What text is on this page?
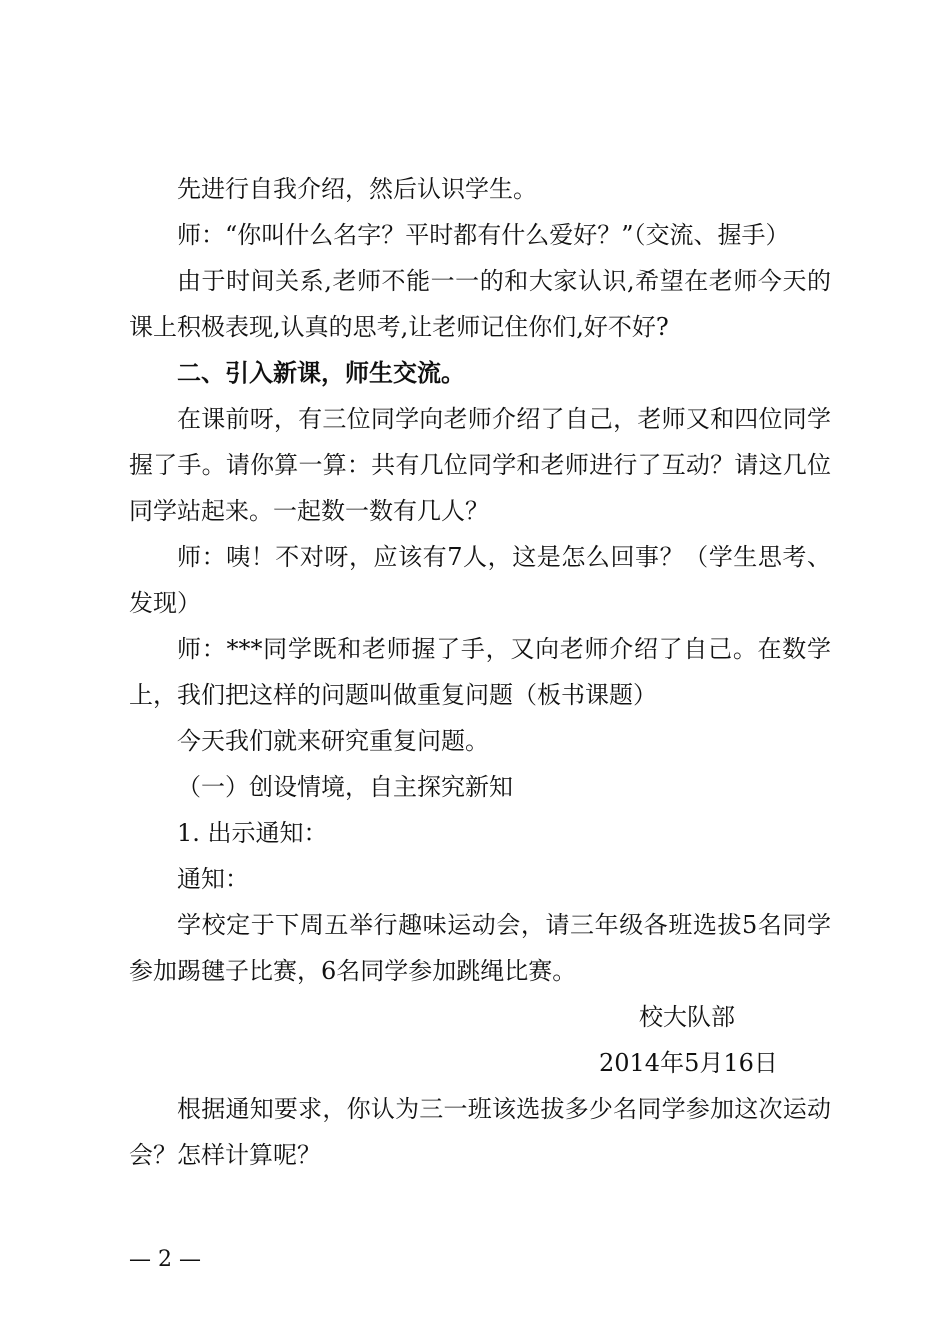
先进行自我介绍，然后认识学生。

师：“你叫什么名字？平时都有什么爱好？”（交流、握手）

由于时间关系,老师不能一一的和大家认识,希望在老师今天的课上积极表现,认真的思考,让老师记住你们,好不好?

二、引入新课，师生交流。

在课前呀，有三位同学向老师介绍了自己，老师又和四位同学握了手。请你算一算：共有几位同学和老师进行了互动？请这几位同学站起来。一起数一数有几人？

师：咦！不对呀，应该有7人，这是怎么回事？（学生思考、发现）

师：***同学既和老师握了手，又向老师介绍了自己。在数学上，我们把这样的问题叫做重复问题（板书课题）

今天我们就来研究重复问题。

（一）创设情境，自主探究新知

1. 出示通知：

通知：

学校定于下周五举行趣味运动会，请三年级各班选拔5名同学参加踢毽子比赛，6名同学参加跳绳比赛。

校大队部

2014年5月16日

根据通知要求，你认为三一班该选拔多少名同学参加这次运动会？怎样计算呢？

— 2 —
